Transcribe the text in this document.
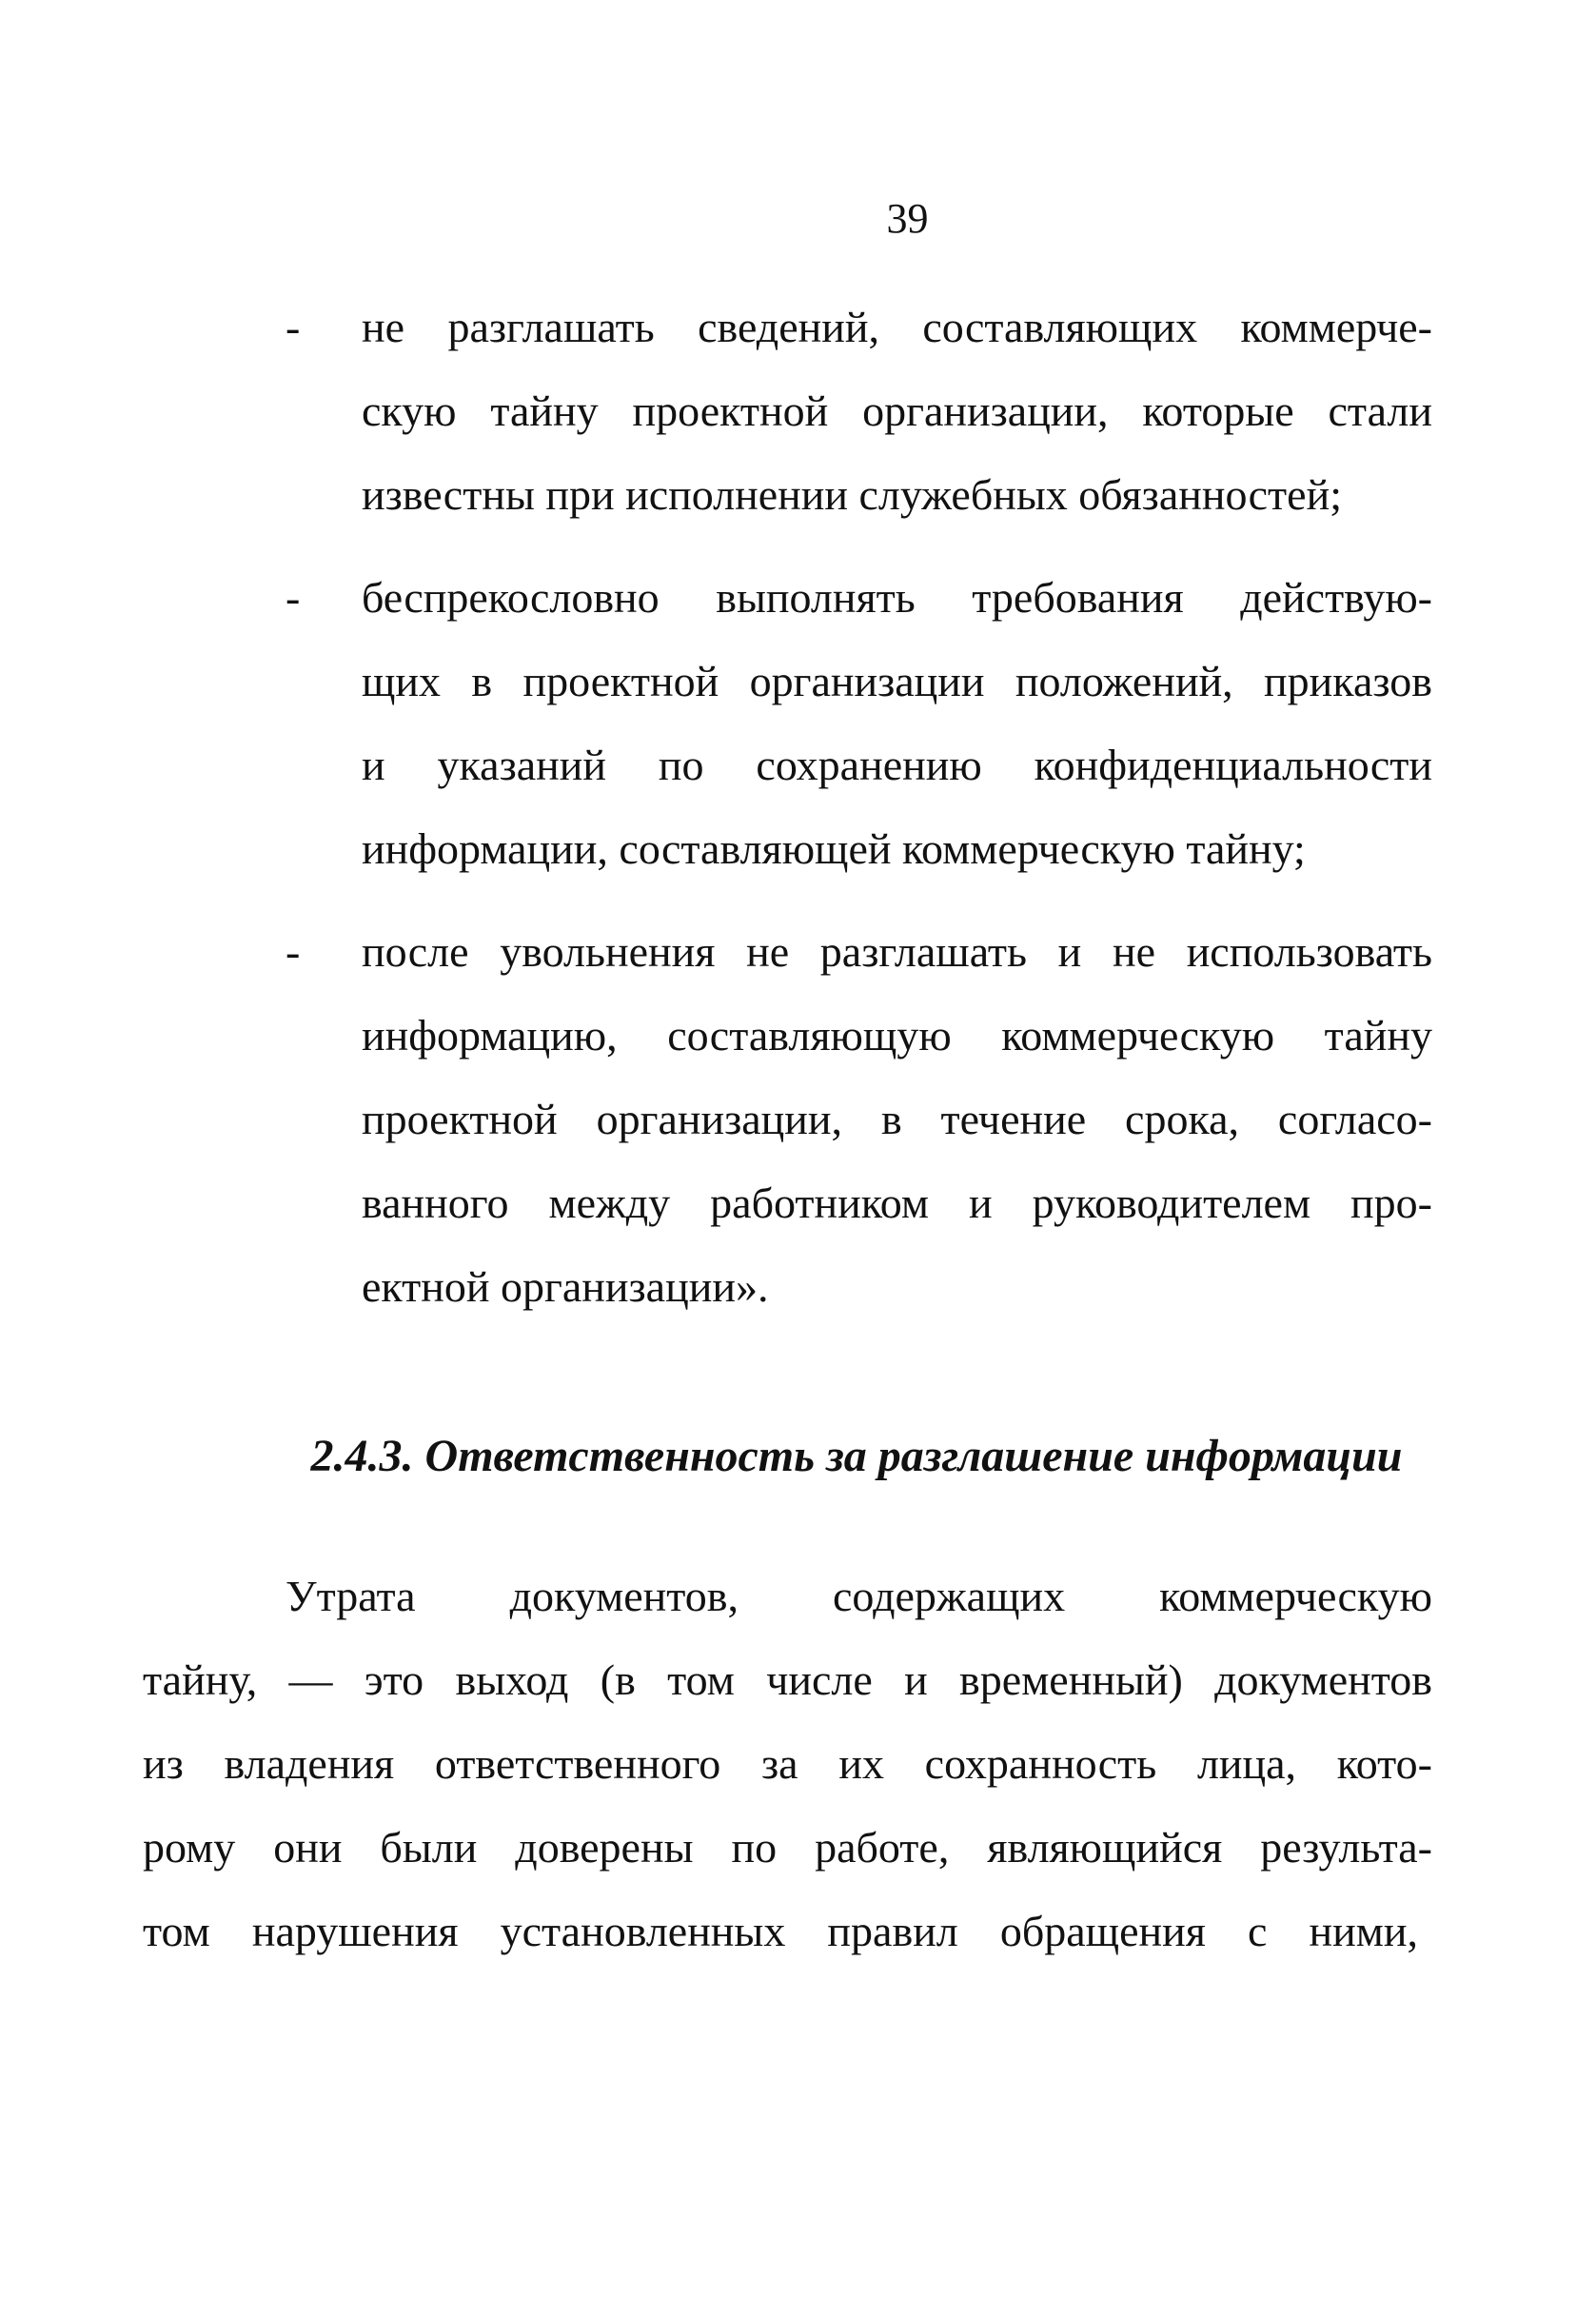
39
-	не разглашать сведений, составляющих коммерче-
скую тайну проектной организации, которые стали
известны при исполнении служебных обязанностей;
-	беспрекословно выполнять требования действую-
щих в проектной организации положений, приказов
и указаний по сохранению конфиденциальности
информации, составляющей коммерческую тайну;
-	после увольнения не разглашать и не использовать
информацию, составляющую коммерческую тайну
проектной организации, в течение срока, согласо-
ванного между работником и руководителем про-
ектной организации».
2.4.3. Ответственность за разглашение информации

Утрата документов, содержащих коммерческую
тайну, — это выход (в том числе и временный) документов
из владения ответственного за их сохранность лица, кото-
рому они были доверены по работе, являющийся результа-
том нарушения установленных правил обращения с ними,
